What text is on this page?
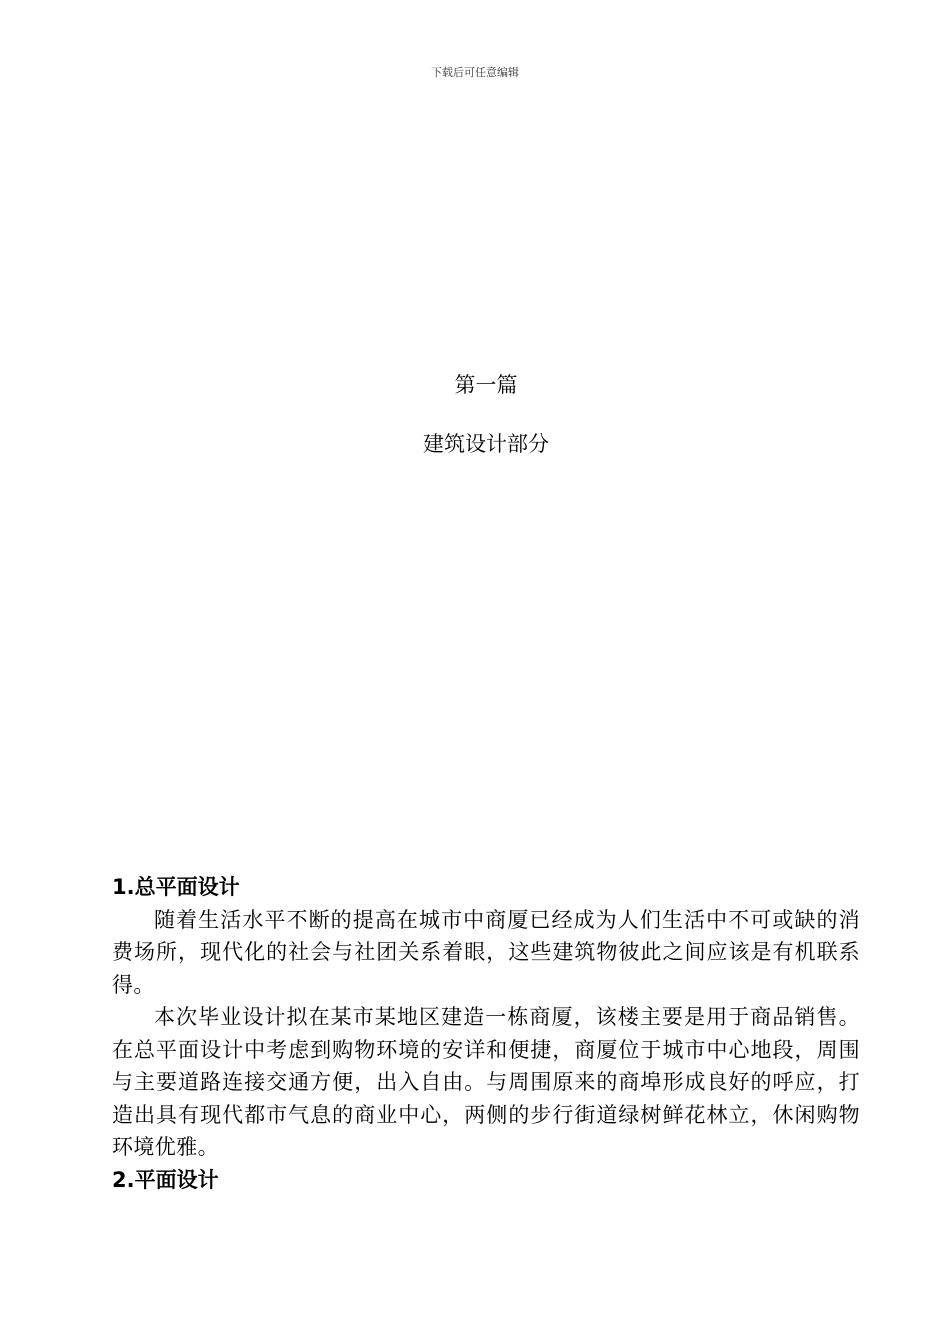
下载后可任意编辑
第一篇
建筑设计部分
1.总平面设计

随着生活水平不断的提高在城市中商厦已经成为人们生活中不可或缺的消费场所，现代化的社会与社团关系着眼，这些建筑物彼此之间应该是有机联系得。

本次毕业设计拟在某市某地区建造一栋商厦，该楼主要是用于商品销售。在总平面设计中考虑到购物环境的安详和便捷，商厦位于城市中心地段，周围与主要道路连接交通方便，出入自由。与周围原来的商埠形成良好的呼应，打造出具有现代都市气息的商业中心，两侧的步行街道绿树鲜花林立，休闲购物环境优雅。

2.平面设计
